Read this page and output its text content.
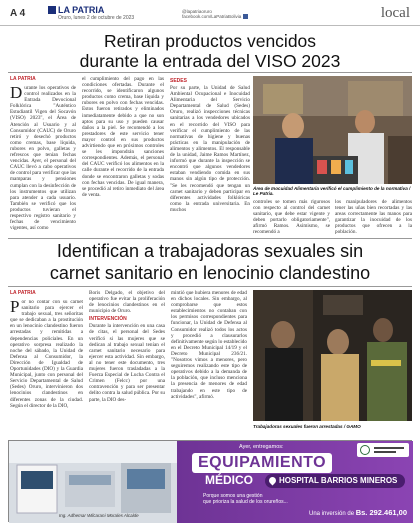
A 4	LA PATRIA
Oruro, lunes 2 de octubre de 2023
@lapatriaoruro
facebook.com/LaPatriaBolivia	local
Retiran productos vencidos
durante la entrada del VISO 2023
LA PATRIA
D urante los operativos de control realizados en la Entrada Devocional Folklórica "Auténtico Estudiantil Vigen del Socavón (VISO) 2023", el Área de Atención al Usuario y al Consumidor (CAUC) de Oruro retiró y desechó productos como cremas, base líquida, rubores en polvo, galletas y refrescos que tenían fechas vencidas. Ayer, el personal del CAUC llevó a cabo operativos de control para verificar que las mamparas y pensiones cumplan con la desinfección de los instrumentos que utilizan para atender a cada usuario. También se verificó que los productos tuvieran el respectivo registro sanitario y fechas de vencimiento vigentes, así como
el cumplimiento del pago en las condiciones ofertadas. Durante el recorrido, se identificaron algunos productos como crema, base líquida y rubores en polvo con fechas vencidas. Estos fueron retirados y eliminados inmediatamente debido a que no son aptos para su uso y pueden causar daños a la piel. Se recomendó a los prestadores de este servicio tener mayor control en sus productos advirtiendo que en próximos controles se les impondrán sanciones correspondientes. Además, el personal del CAUC verificó los alimentos en la calle durante el recorrido de la entrada donde se encontraron galletas y sodas con fechas vencidas. De igual manera, se procedió al retiro inmediato del área de venta.
SEDES
Por su parte, la Unidad de Salud Ambiental Ocupacional e Inocuidad Alimentaria del Servicio Departamental de Salud (Sedes) Oruro, realizó inspecciones técnicas sanitarias a los vendedores ubicados en el recorrido del VISO para verificar el cumplimiento de las normativas de higiene y buenas prácticas en la manipulación de alimentos y alimentos. El responsable de la unidad, Jaime Ramos Martínez, informó que durante la inspección se encontró que algunos vendedores estaban vendiendo comida en sus manos sin algún tipo de protección. "Se les recomendó que tengan un carnet sanitario y deben participar en diferentes actividades folklóricas como la entrada universitaria. En muchos
Área de Inocuidad Alimentaria verificó el cumplimiento de la normativa / Le Patria.
controles se tomen más rigurosos con respecto al control del carnet sanitario, que debe estar vigente y deben portarlo obligatoriamente", afirmó Ramos. Asimismo, se recomendó a
los manipuladores de alimentos tener las uñas bien recortadas y las areas correctamente las manos para garantizar la inocuidad de los productos que ofrecen a la población.
Identifican a trabajadoras sexuales sin
carnet sanitario en lenocinio clandestino
LA PATRIA
P or no contar con su carnet sanitario para ejercer el trabajo sexual, tres señoritas que se dedicaban a la prostitución en un lenocinio clandestino fueron arrestadas y remitidas a dependencias policiales. En un operativo sorpresa realizado la noche del sábado, la Unidad de Defensa al Consumidor, la Dirección de Igualdad de Oportunidades (DIO) y la Guardia Municipal, junto con personal del Servicio Departamental de Salud (Sedes) Oruro, intervinieron dos lenocinios clandestinos en diferentes zonas de la ciudad. Según el director de la DIO,
Boris Delgado, el objetivo del operativo fue evitar la proliferación de lenocinios clandestinos en el municipio de Oruro.
INTERVENCIÓN
Durante la intervención en una casa de citas, el personal del Sedes verificó si las mujeres que se dedican al trabajo sexual tenían el carnet sanitario necesario para ejercer esta actividad. Sin embargo, al no tener este documento, tres mujeres fueron trasladadas a la Fuerza Especial de Lucha Contra el Crimen (Felcc) por una contravención y para ser presentar delito contra la salud pública. Por su parte, la DIO des-
mintió que hubiera menores de edad en dichos locales. Sin embargo, al comprobarse que estos establecimientos no contaban con los permisos correspondientes para funcionar, la Unidad de Defensa al Consumidor realizó todos los actos y procedió a clausurarlos definitivamente según lo establecido en el Decreto Municipal 14/19 y el Decreto Municipal 236/21. "Nosotros vimos a menores, pero seguiremos realizando este tipo de operativos debido a la demanda de la población, que incluso menciona la presencia de menores de edad trabajando en este tipo de actividades", afirmó.
Trabajadoras sexuales fueron arrestadas / GAMO
Ayer, entregamos:
EQUIPAMIENTO
MÉDICO	HOSPITAL BARRIOS MINEROS
Porque somos una gestión
que prioriza la salud de los orureños...
Una inversión de Bs. 292.461,00
Ing. Adhemar Wilcarani Morales Alcalde
